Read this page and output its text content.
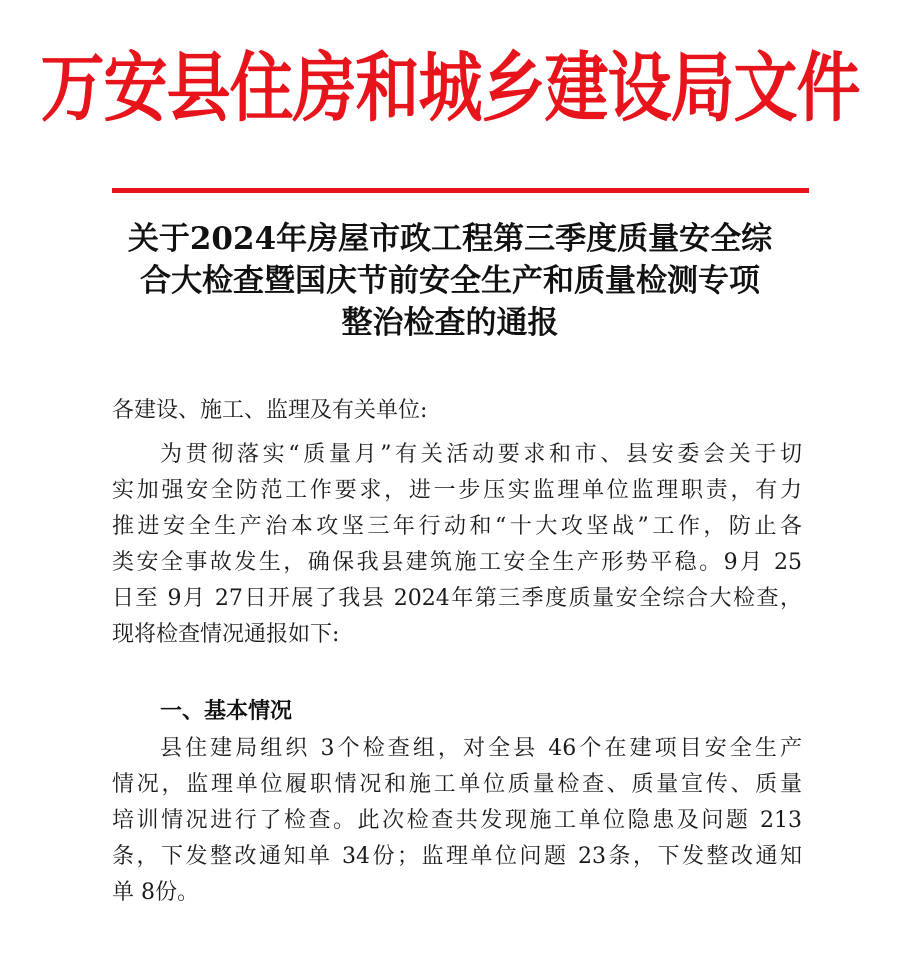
万安县住房和城乡建设局文件
关于2024年房屋市政工程第三季度质量安全综
合大检查暨国庆节前安全生产和质量检测专项
整治检查的通报
各建设、施工、监理及有关单位:
为贯彻落实“质量月”有关活动要求和市、县安委会关于切
实加强安全防范工作要求，进一步压实监理单位监理职责，有力
推进安全生产治本攻坚三年行动和“十大攻坚战”工作，防止各
类安全事故发生，确保我县建筑施工安全生产形势平稳。9月 25
日至 9月 27日开展了我县 2024年第三季度质量安全综合大检查，
现将检查情况通报如下:
一、基本情况
县住建局组织 3个检查组，对全县 46个在建项目安全生产
情况，监理单位履职情况和施工单位质量检查、质量宣传、质量
培训情况进行了检查。此次检查共发现施工单位隐患及问题 213
条，下发整改通知单 34份；监理单位问题 23条，下发整改通知
单 8份。
